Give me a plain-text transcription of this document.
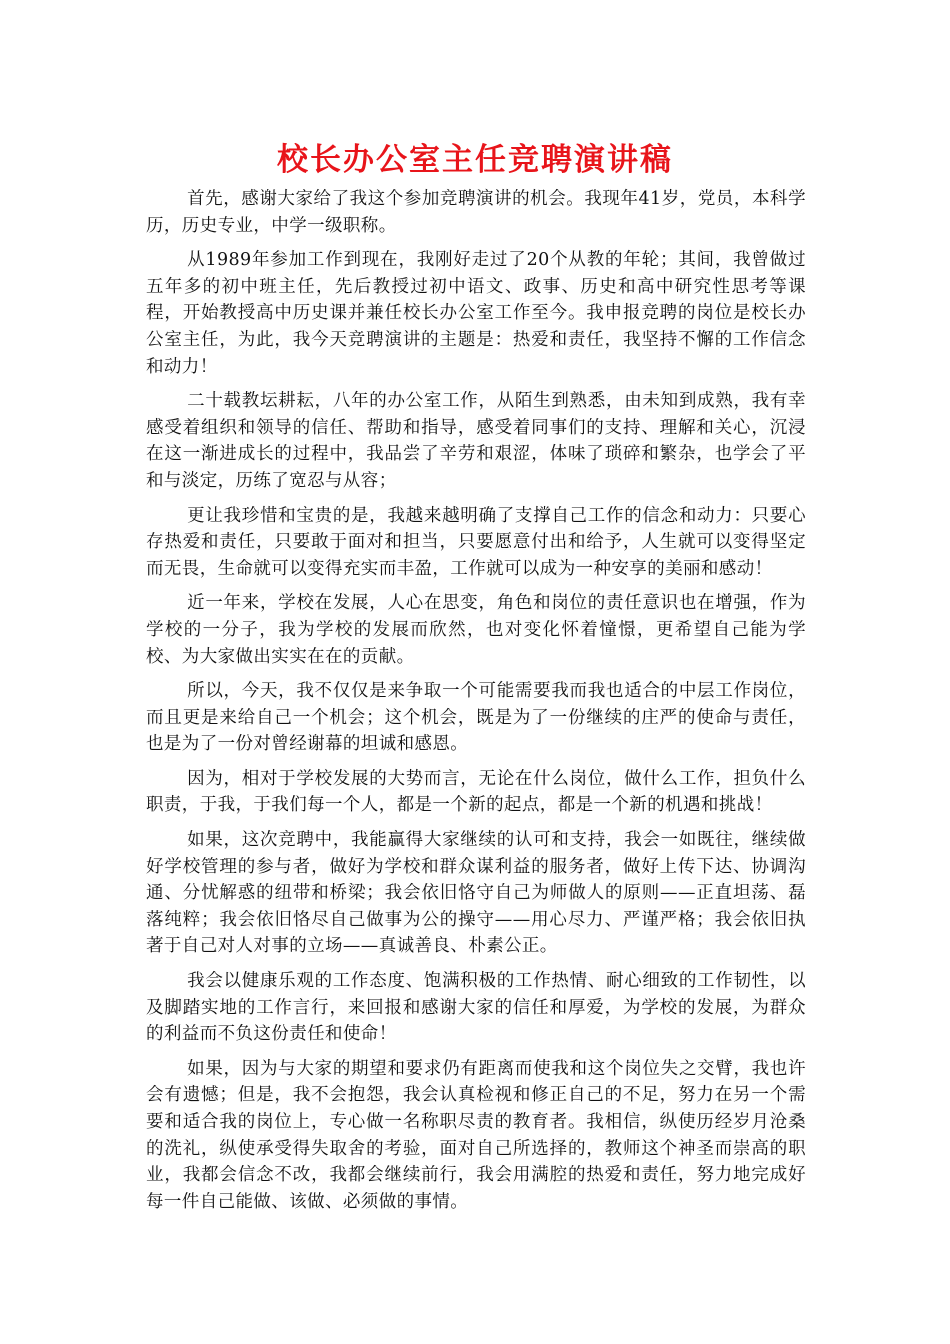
校长办公室主任竞聘演讲稿

首先，感谢大家给了我这个参加竞聘演讲的机会。我现年41岁，党员，本科学历，历史专业，中学一级职称。

从1989年参加工作到现在，我刚好走过了20个从教的年轮；其间，我曾做过五年多的初中班主任，先后教授过初中语文、政事、历史和高中研究性思考等课程，开始教授高中历史课并兼任校长办公室工作至今。我申报竞聘的岗位是校长办公室主任，为此，我今天竞聘演讲的主题是：热爱和责任，我坚持不懈的工作信念和动力！

二十载教坛耕耘，八年的办公室工作，从陌生到熟悉，由未知到成熟，我有幸感受着组织和领导的信任、帮助和指导，感受着同事们的支持、理解和关心，沉浸在这一渐进成长的过程中，我品尝了辛劳和艰涩，体味了琐碎和繁杂，也学会了平和与淡定，历练了宽忍与从容；

更让我珍惜和宝贵的是，我越来越明确了支撑自己工作的信念和动力：只要心存热爱和责任，只要敢于面对和担当，只要愿意付出和给予，人生就可以变得坚定而无畏，生命就可以变得充实而丰盈，工作就可以成为一种安享的美丽和感动！

近一年来，学校在发展，人心在思变，角色和岗位的责任意识也在增强，作为学校的一分子，我为学校的发展而欣然，也对变化怀着憧憬，更希望自己能为学校、为大家做出实实在在的贡献。

所以，今天，我不仅仅是来争取一个可能需要我而我也适合的中层工作岗位，而且更是来给自己一个机会；这个机会，既是为了一份继续的庄严的使命与责任，也是为了一份对曾经谢幕的坦诚和感恩。

因为，相对于学校发展的大势而言，无论在什么岗位，做什么工作，担负什么职责，于我，于我们每一个人，都是一个新的起点，都是一个新的机遇和挑战！

如果，这次竞聘中，我能赢得大家继续的认可和支持，我会一如既往，继续做好学校管理的参与者，做好为学校和群众谋利益的服务者，做好上传下达、协调沟通、分忧解惑的纽带和桥梁；我会依旧恪守自己为师做人的原则——正直坦荡、磊落纯粹；我会依旧恪尽自己做事为公的操守——用心尽力、严谨严格；我会依旧执著于自己对人对事的立场——真诚善良、朴素公正。

我会以健康乐观的工作态度、饱满积极的工作热情、耐心细致的工作韧性，以及脚踏实地的工作言行，来回报和感谢大家的信任和厚爱，为学校的发展，为群众的利益而不负这份责任和使命！

如果，因为与大家的期望和要求仍有距离而使我和这个岗位失之交臂，我也许会有遗憾；但是，我不会抱怨，我会认真检视和修正自己的不足，努力在另一个需要和适合我的岗位上，专心做一名称职尽责的教育者。我相信，纵使历经岁月沧桑的洗礼，纵使承受得失取舍的考验，面对自己所选择的，教师这个神圣而崇高的职业，我都会信念不改，我都会继续前行，我会用满腔的热爱和责任，努力地完成好每一件自己能做、该做、必须做的事情。
